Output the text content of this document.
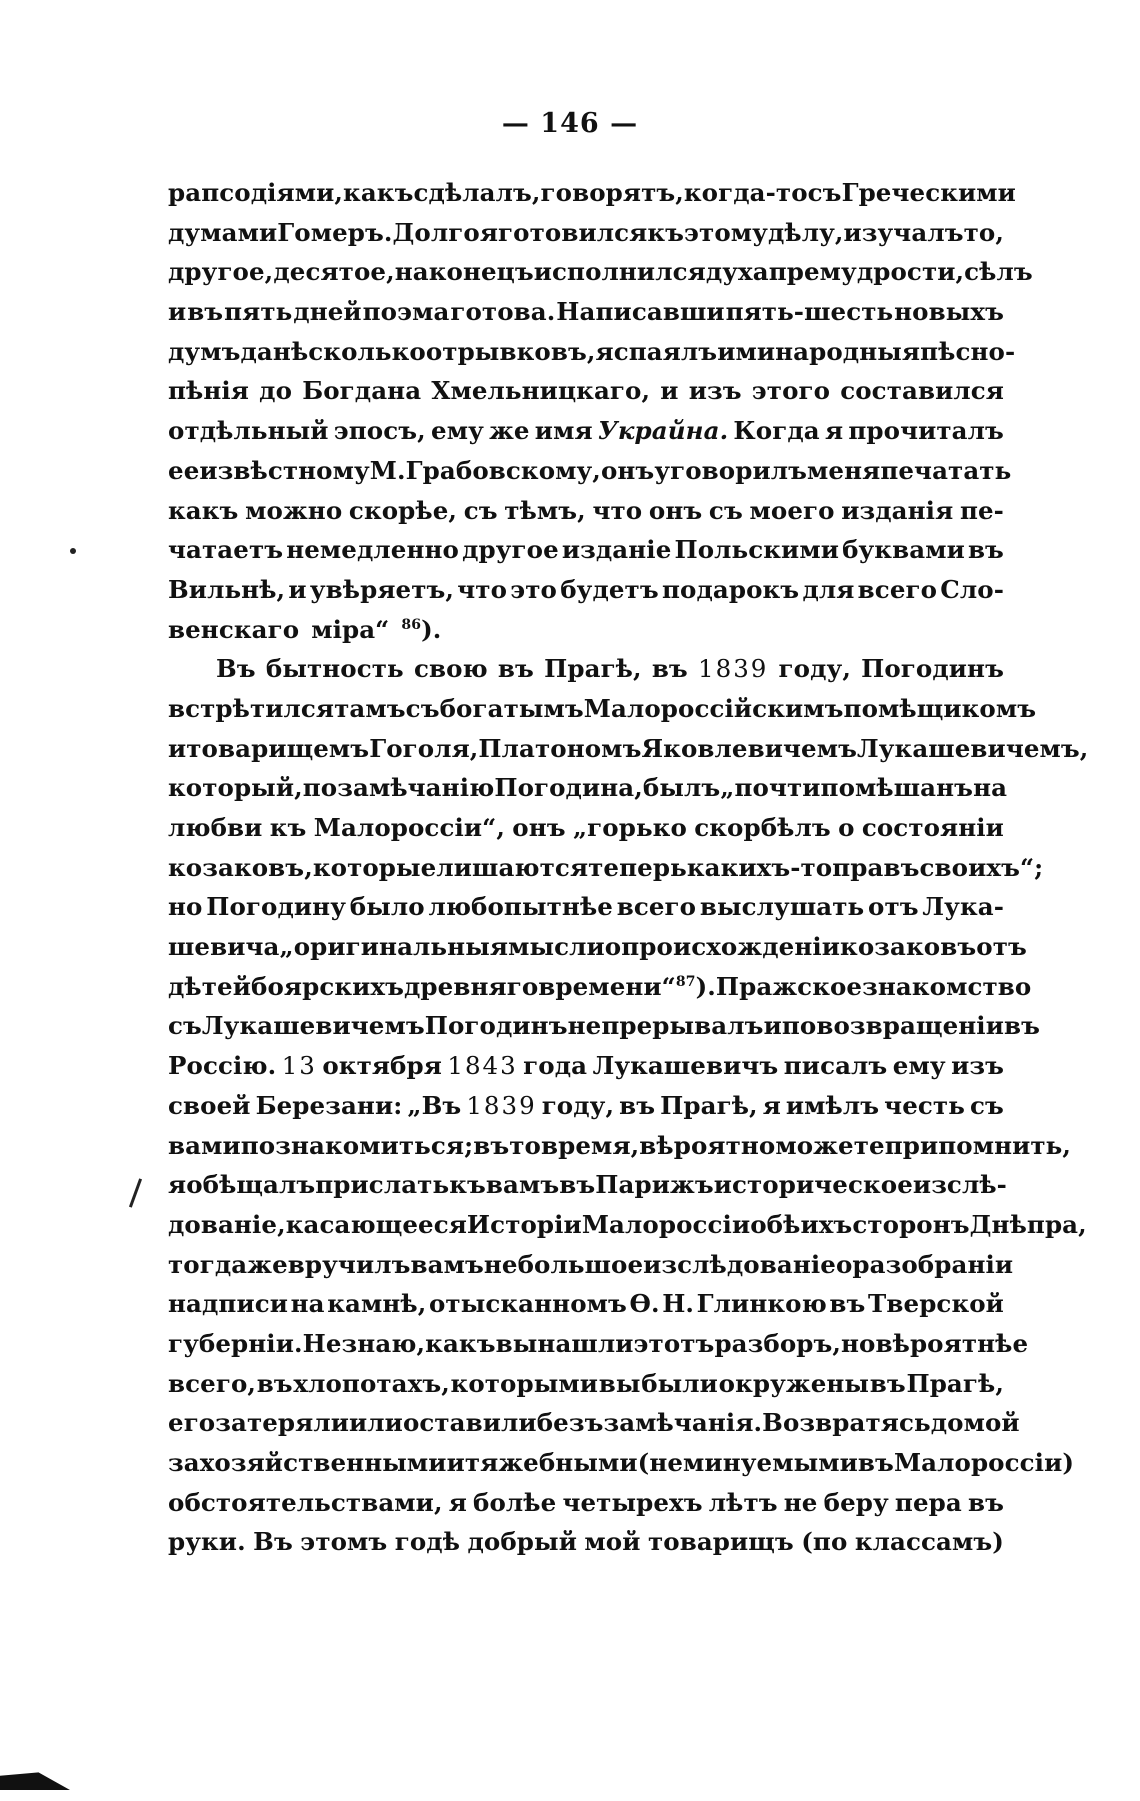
— 146 —
рапсодіями, какъ сдѣлалъ, говорятъ, когда-то съ Греческими
думами Гомеръ. Долго я готовился къ этому дѣлу, изучалъ то,
другое, десятое, наконецъ исполнился духа премудрости, сѣлъ
и въ пять дней поэма готова. Написавши пять-шесть новыхъ
думъ да нѣсколько отрывковъ, я спаялъ ими народныя пѣсно-
пѣнія до Богдана Хмельницкаго, и изъ этого составился
отдѣльный эпосъ, ему же имя Украйна. Когда я прочиталъ
ее извѣстному М. Грабовскому, онъ уговорилъ меня печатать
какъ можно скорѣе, съ тѣмъ, что онъ съ моего изданія пе-
чатаетъ немедленно другое изданіе Польскими буквами въ
Вильнѣ, и увѣряетъ, что это будетъ подарокъ для всего Сло-
венскаго міра“ $^{86}$).
Въ бытность свою въ Прагѣ, въ 1839 году, Погодинъ
встрѣтился тамъ съ богатымъ Малороссійскимъ помѣщикомъ
и товарищемъ Гоголя, Платономъ Яковлевичемъ Лукашевичемъ,
который, по замѣчанію Погодина, былъ „почти помѣшанъ на
любви къ Малороссіи“, онъ „горько скорбѣлъ о состояніи
козаковъ, которые лишаются теперь какихъ-то правъ своихъ“;
но Погодину было любопытнѣе всего выслушать отъ Лука-
шевича „оригинальныя мысли о происхожденіи козаковъ отъ
дѣтей боярскихъ древняго времени“ $^{87}$). Пражское знакомство
съ Лукашевичемъ Погодинъ не прерывалъ и по возвращеніи въ
Россію. 13 октября 1843 года Лукашевичъ писалъ ему изъ
своей Березани: „Въ 1839 году, въ Прагѣ, я имѣлъ честь съ
вами познакомиться; въ то время, вѣроятно можете припомнить,
я обѣщалъ прислать къ вамъ въ Парижъ историческое изслѣ-
дованіе, касающееся Исторіи Малороссіи обѣихъ сторонъ Днѣпра,
тогда же вручилъ вамъ небольшое изслѣдованіе о разобраніи
надписи на камнѣ, отысканномъ Ѳ. Н. Глинкою въ Тверской
губерніи. Не знаю, какъ вы нашли этотъ разборъ, но вѣроятнѣе
всего, въ хлопотахъ, которыми вы были окружены въ Прагѣ,
его затеряли или оставили безъ замѣчанія. Возвратясь домой
за хозяйственными и тяжебными (неминуемыми въ Малороссіи)
обстоятельствами, я болѣе четырехъ лѣтъ не беру пера въ
руки. Въ этомъ годѣ добрый мой товарищъ (по классамъ)
